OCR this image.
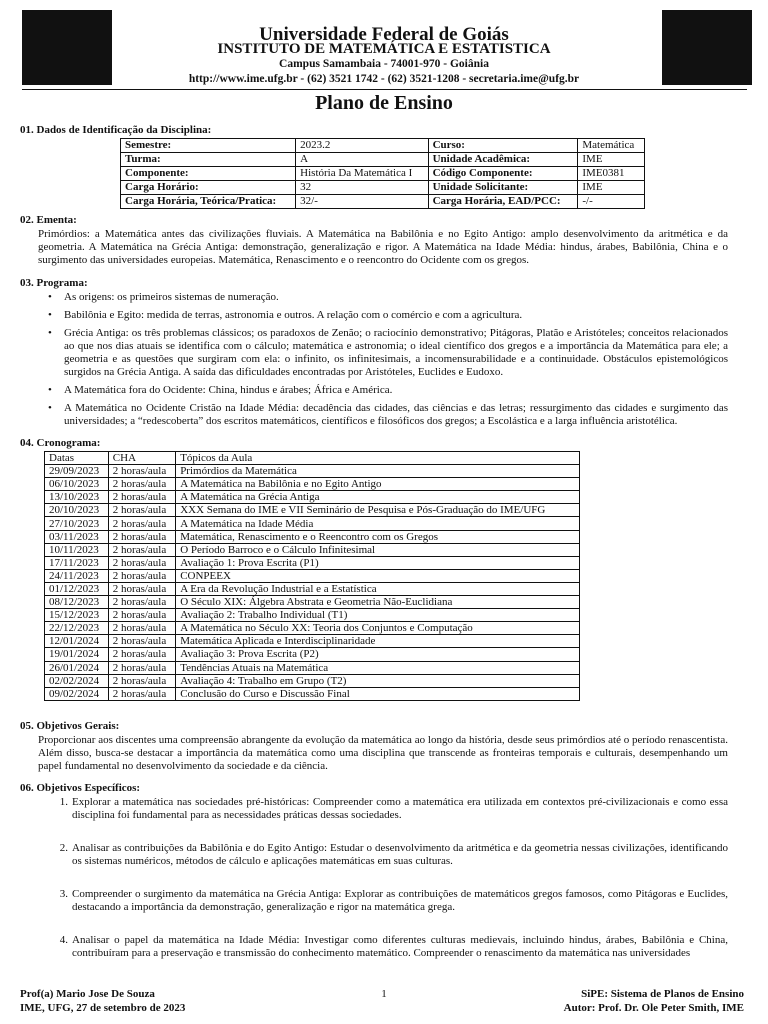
Universidade Federal de Goiás
INSTITUTO DE MATEMÁTICA E ESTATISTICA
Campus Samambaia - 74001-970 - Goiânia
http://www.ime.ufg.br - (62) 3521 1742 - (62) 3521-1208 - secretaria.ime@ufg.br
Plano de Ensino
01. Dados de Identificação da Disciplina:
Semestre:	2023.2	Curso:	Matemática
Turma:	A	Unidade Acadêmica:	IME
Componente:	História Da Matemática I	Código Componente:	IME0381
Carga Horário:	32	Unidade Solicitante:	IME
Carga Horária, Teórica/Pratica:	32/-	Carga Horária, EAD/PCC:	-/-
02. Ementa:

Primórdios: a Matemática antes das civilizações fluviais. A Matemática na Babilônia e no Egito Antigo: amplo desenvolvimento da aritmética e da geometria. A Matemática na Grécia Antiga: demonstração, generalização e rigor. A Matemática na Idade Média: hindus, árabes, Babilônia, China e o surgimento das universidades europeias. Matemática, Renascimento e o reencontro do Ocidente com os gregos.

03. Programa:
• As origens: os primeiros sistemas de numeração.
• Babilônia e Egito: medida de terras, astronomia e outros. A relação com o comércio e com a agricultura.
• Grécia Antiga: os três problemas clássicos; os paradoxos de Zenão; o raciocínio demonstrativo; Pitágoras, Platão e Aristóteles; conceitos relacionados ao que nos dias atuais se identifica com o cálculo; matemática e astronomia; o ideal científico dos gregos e a importância da Matemática para ele; a geometria e as questões que surgiram com ela: o infinito, os infinitesimais, a incomensurabilidade e a continuidade. Obstáculos epistemológicos surgidos na Grécia Antiga. A saída das dificuldades encontradas por Aristóteles, Euclides e Eudoxo.
• A Matemática fora do Ocidente: China, hindus e árabes; África e América.
• A Matemática no Ocidente Cristão na Idade Média: decadência das cidades, das ciências e das letras; ressurgimento das cidades e surgimento das universidades; a “redescoberta” dos escritos matemáticos, científicos e filosóficos dos gregos; a Escolástica e a larga influência aristotélica.
04. Cronograma:
Datas	CHA	Tópicos da Aula
29/09/2023	2 horas/aula	Primórdios da Matemática
06/10/2023	2 horas/aula	A Matemática na Babilônia e no Egito Antigo
13/10/2023	2 horas/aula	A Matemática na Grécia Antiga
20/10/2023	2 horas/aula	XXX Semana do IME e VII Seminário de Pesquisa e Pós-Graduação do IME/UFG
27/10/2023	2 horas/aula	A Matemática na Idade Média
03/11/2023	2 horas/aula	Matemática, Renascimento e o Reencontro com os Gregos
10/11/2023	2 horas/aula	O Período Barroco e o Cálculo Infinitesimal
17/11/2023	2 horas/aula	Avaliação 1: Prova Escrita (P1)
24/11/2023	2 horas/aula	CONPEEX
01/12/2023	2 horas/aula	A Era da Revolução Industrial e a Estatística
08/12/2023	2 horas/aula	O Século XIX: Álgebra Abstrata e Geometria Não-Euclidiana
15/12/2023	2 horas/aula	Avaliação 2: Trabalho Individual (T1)
22/12/2023	2 horas/aula	A Matemática no Século XX: Teoria dos Conjuntos e Computação
12/01/2024	2 horas/aula	Matemática Aplicada e Interdisciplinaridade
19/01/2024	2 horas/aula	Avaliação 3: Prova Escrita (P2)
26/01/2024	2 horas/aula	Tendências Atuais na Matemática
02/02/2024	2 horas/aula	Avaliação 4: Trabalho em Grupo (T2)
09/02/2024	2 horas/aula	Conclusão do Curso e Discussão Final
05. Objetivos Gerais:

Proporcionar aos discentes uma compreensão abrangente da evolução da matemática ao longo da história, desde seus primórdios até o período renascentista. Além disso, busca-se destacar a importância da matemática como uma disciplina que transcende as fronteiras temporais e culturais, desempenhando um papel fundamental no desenvolvimento da sociedade e da ciência.

06. Objetivos Específicos:
1. Explorar a matemática nas sociedades pré-históricas: Compreender como a matemática era utilizada em contextos pré-civilizacionais e como essa disciplina foi fundamental para as necessidades práticas dessas sociedades.
2. Analisar as contribuições da Babilônia e do Egito Antigo: Estudar o desenvolvimento da aritmética e da geometria nessas civilizações, identificando os sistemas numéricos, métodos de cálculo e aplicações matemáticas em suas culturas.
3. Compreender o surgimento da matemática na Grécia Antiga: Explorar as contribuições de matemáticos gregos famosos, como Pitágoras e Euclides, destacando a importância da demonstração, generalização e rigor na matemática grega.
4. Analisar o papel da matemática na Idade Média: Investigar como diferentes culturas medievais, incluindo hindus, árabes, Babilônia e China, contribuíram para a preservação e transmissão do conhecimento matemático. Compreender o renascimento da matemática nas universidades
Prof(a) Mario Jose De Souza
IME, UFG, 27 de setembro de 2023
1	SiPE: Sistema de Planos de Ensino
Autor: Prof. Dr. Ole Peter Smith, IME
